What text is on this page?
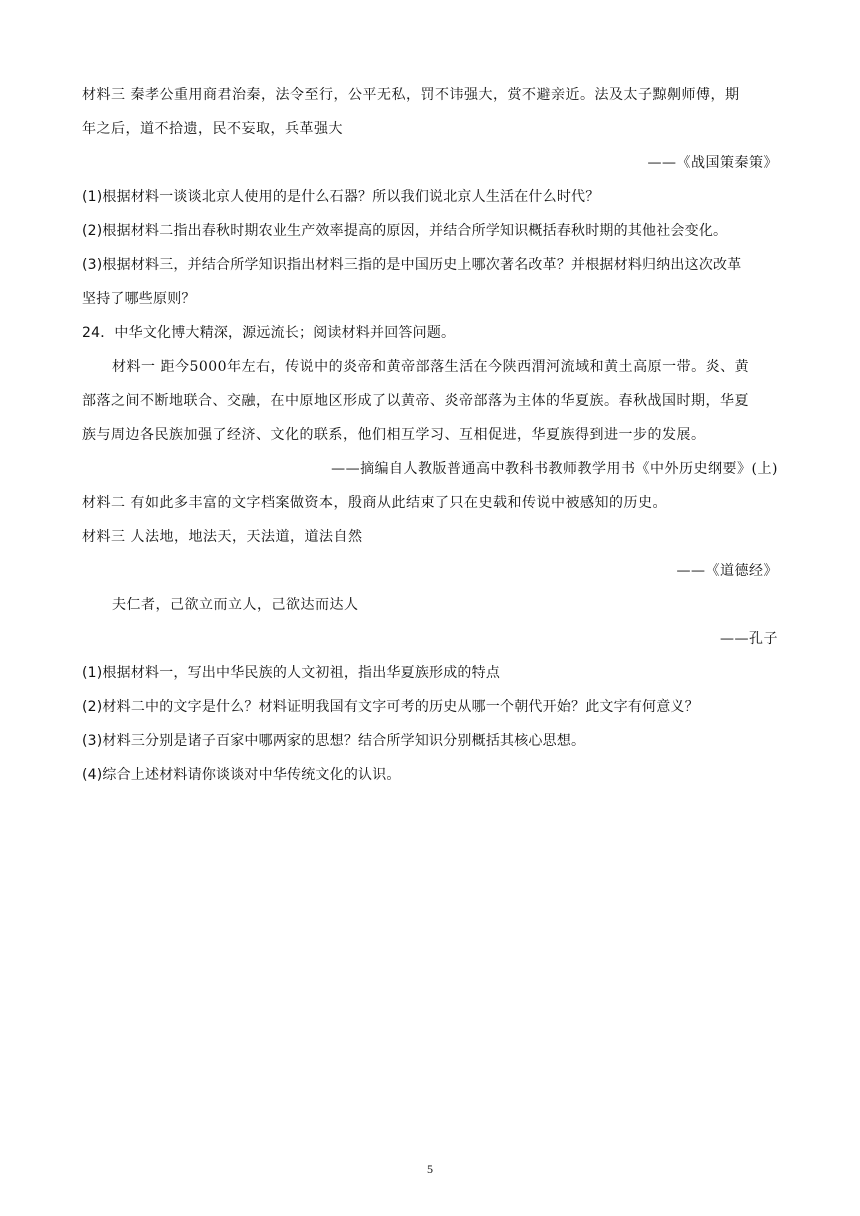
材料三 秦孝公重用商君治秦，法令至行，公平无私，罚不讳强大，赏不避亲近。法及太子黥劓师傅，期
年之后，道不拾遗，民不妄取，兵革强大
——《战国策秦策》
(1)根据材料一谈谈北京人使用的是什么石器？所以我们说北京人生活在什么时代？
(2)根据材料二指出春秋时期农业生产效率提高的原因，并结合所学知识概括春秋时期的其他社会变化。
(3)根据材料三，并结合所学知识指出材料三指的是中国历史上哪次著名改革？并根据材料归纳出这次改革
坚持了哪些原则？
24．中华文化博大精深，源远流长；阅读材料并回答问题。
材料一 距今5000年左右，传说中的炎帝和黄帝部落生活在今陕西渭河流域和黄土高原一带。炎、黄
部落之间不断地联合、交融，在中原地区形成了以黄帝、炎帝部落为主体的华夏族。春秋战国时期，华夏
族与周边各民族加强了经济、文化的联系，他们相互学习、互相促进，华夏族得到进一步的发展。
——摘编自人教版普通高中教科书教师教学用书《中外历史纲要》(上)
材料二 有如此多丰富的文字档案做资本，殷商从此结束了只在史载和传说中被感知的历史。
材料三 人法地，地法天，天法道，道法自然
——《道德经》
夫仁者，己欲立而立人，己欲达而达人
——孔子
(1)根据材料一，写出中华民族的人文初祖，指出华夏族形成的特点
(2)材料二中的文字是什么？材料证明我国有文字可考的历史从哪一个朝代开始？此文字有何意义？
(3)材料三分别是诸子百家中哪两家的思想？结合所学知识分别概括其核心思想。
(4)综合上述材料请你谈谈对中华传统文化的认识。
5
